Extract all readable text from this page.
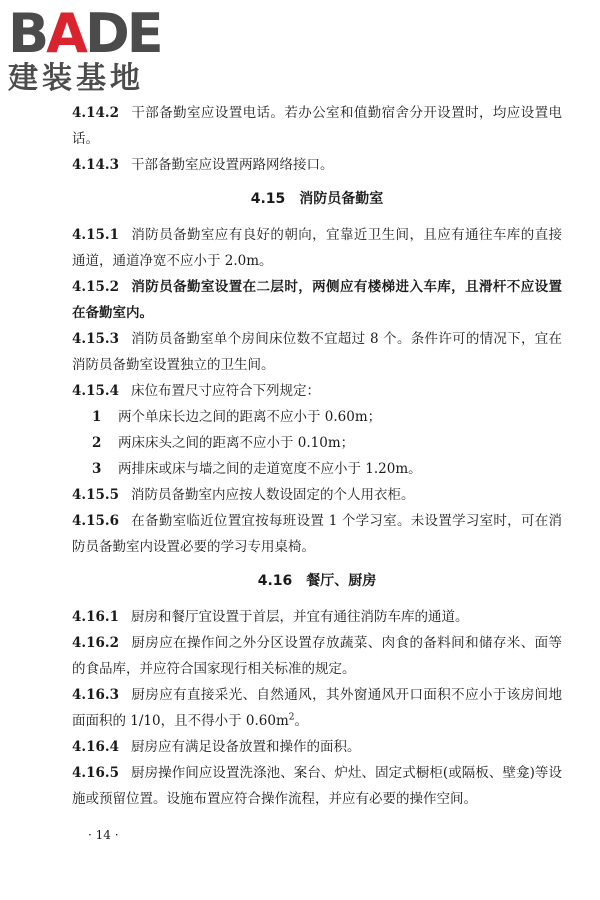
BADE
建装基地

4.14.2 干部备勤室应设置电话。若办公室和值勤宿舍分开设置时，均应设置电话。

4.14.3 干部备勤室应设置两路网络接口。

4.15 消防员备勤室

4.15.1 消防员备勤室应有良好的朝向，宜靠近卫生间，且应有通往车库的直接通道，通道净宽不应小于 2.0m。

4.15.2 消防员备勤室设置在二层时，两侧应有楼梯进入车库，且滑杆不应设置在备勤室内。

4.15.3 消防员备勤室单个房间床位数不宜超过 8 个。条件许可的情况下，宜在消防员备勤室设置独立的卫生间。

4.15.4 床位布置尺寸应符合下列规定：

1 两个单床长边之间的距离不应小于 0.60m；
2 两床床头之间的距离不应小于 0.10m；
3 两排床或床与墙之间的走道宽度不应小于 1.20m。

4.15.5 消防员备勤室内应按人数设固定的个人用衣柜。

4.15.6 在备勤室临近位置宜按每班设置 1 个学习室。未设置学习室时，可在消防员备勤室内设置必要的学习专用桌椅。

4.16 餐厅、厨房

4.16.1 厨房和餐厅宜设置于首层，并宜有通往消防车库的通道。

4.16.2 厨房应在操作间之外分区设置存放蔬菜、肉食的备料间和储存米、面等的食品库，并应符合国家现行相关标准的规定。

4.16.3 厨房应有直接采光、自然通风，其外窗通风开口面积不应小于该房间地面面积的 1/10，且不得小于 $0.60m^2$。

4.16.4 厨房应有满足设备放置和操作的面积。

4.16.5 厨房操作间应设置洗涤池、案台、炉灶、固定式橱柜(或隔板、壁龛)等设施或预留位置。设施布置应符合操作流程，并应有必要的操作空间。

· 14 ·
